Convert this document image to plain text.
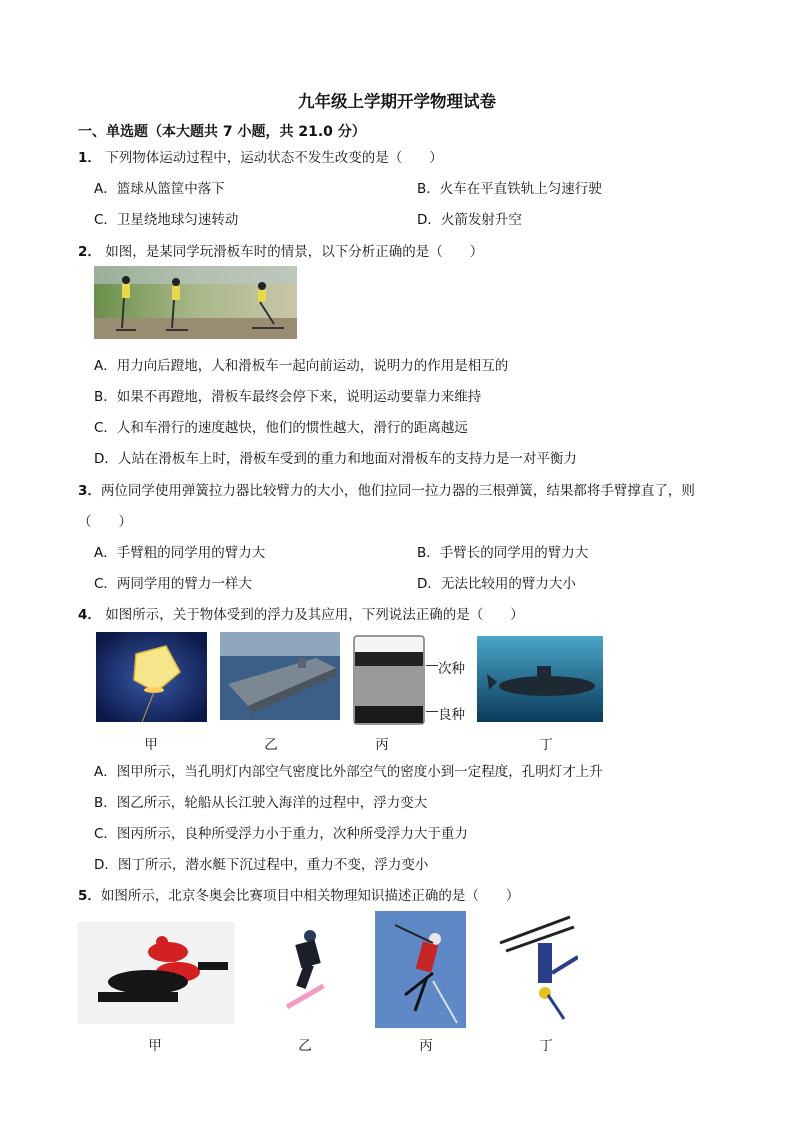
九年级上学期开学物理试卷
一、单选题（本大题共 7 小题，共 21.0 分）
1． 下列物体运动过程中，运动状态不发生改变的是（　　）
A．篮球从篮筐中落下	B．火车在平直铁轨上匀速行驶
C．卫星绕地球匀速转动	D．火箭发射升空
2． 如图，是某同学玩滑板车时的情景，以下分析正确的是（　　）
A．用力向后蹬地，人和滑板车一起向前运动，说明力的作用是相互的
B．如果不再蹬地，滑板车最终会停下来，说明运动要靠力来维持
C．人和车滑行的速度越快，他们的惯性越大，滑行的距离越远
D．人站在滑板车上时，滑板车受到的重力和地面对滑板车的支持力是一对平衡力
3．两位同学使用弹簧拉力器比较臂力的大小，他们拉同一拉力器的三根弹簧，结果都将手臂撑直了，则
（　　）
A．手臂粗的同学用的臂力大	B．手臂长的同学用的臂力大
C．两同学用的臂力一样大	D．无法比较用的臂力大小
4． 如图所示，关于物体受到的浮力及其应用，下列说法正确的是（　　）
次种
良种
甲	乙	丙	丁
A．图甲所示，当孔明灯内部空气密度比外部空气的密度小到一定程度，孔明灯才上升
B．图乙所示，轮船从长江驶入海洋的过程中，浮力变大
C．图丙所示，良种所受浮力小于重力，次种所受浮力大于重力
D．图丁所示，潜水艇下沉过程中，重力不变，浮力变小
5．如图所示，北京冬奥会比赛项目中相关物理知识描述正确的是（　　）
甲	乙	丙	丁
